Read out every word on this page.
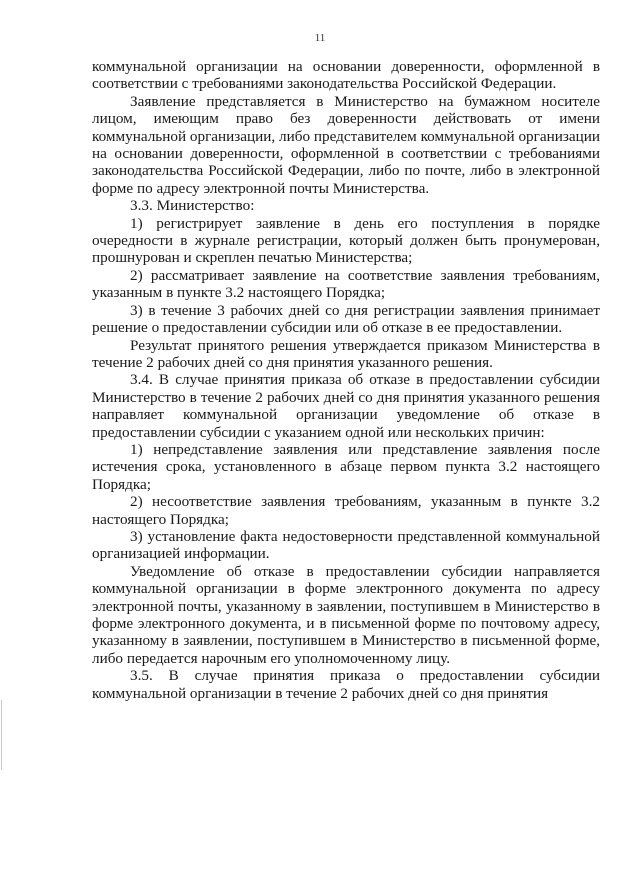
11

коммунальной организации на основании доверенности, оформленной в соответствии с требованиями законодательства Российской Федерации.

Заявление представляется в Министерство на бумажном носителе лицом, имеющим право без доверенности действовать от имени коммунальной организации, либо представителем коммунальной организации на основании доверенности, оформленной в соответствии с требованиями законодательства Российской Федерации, либо по почте, либо в электронной форме по адресу электронной почты Министерства.

3.3. Министерство:

1) регистрирует заявление в день его поступления в порядке очередности в журнале регистрации, который должен быть пронумерован, прошнурован и скреплен печатью Министерства;

2) рассматривает заявление на соответствие заявления требованиям, указанным в пункте 3.2 настоящего Порядка;

3) в течение 3 рабочих дней со дня регистрации заявления принимает решение о предоставлении субсидии или об отказе в ее предоставлении.

Результат принятого решения утверждается приказом Министерства в течение 2 рабочих дней со дня принятия указанного решения.

3.4. В случае принятия приказа об отказе в предоставлении субсидии Министерство в течение 2 рабочих дней со дня принятия указанного решения направляет коммунальной организации уведомление об отказе в предоставлении субсидии с указанием одной или нескольких причин:

1) непредставление заявления или представление заявления после истечения срока, установленного в абзаце первом пункта 3.2 настоящего Порядка;

2) несоответствие заявления требованиям, указанным в пункте 3.2 настоящего Порядка;

3) установление факта недостоверности представленной коммунальной организацией информации.

Уведомление об отказе в предоставлении субсидии направляется коммунальной организации в форме электронного документа по адресу электронной почты, указанному в заявлении, поступившем в Министерство в форме электронного документа, и в письменной форме по почтовому адресу, указанному в заявлении, поступившем в Министерство в письменной форме, либо передается нарочным его уполномоченному лицу.

3.5. В случае принятия приказа о предоставлении субсидии коммунальной организации в течение 2 рабочих дней со дня принятия
